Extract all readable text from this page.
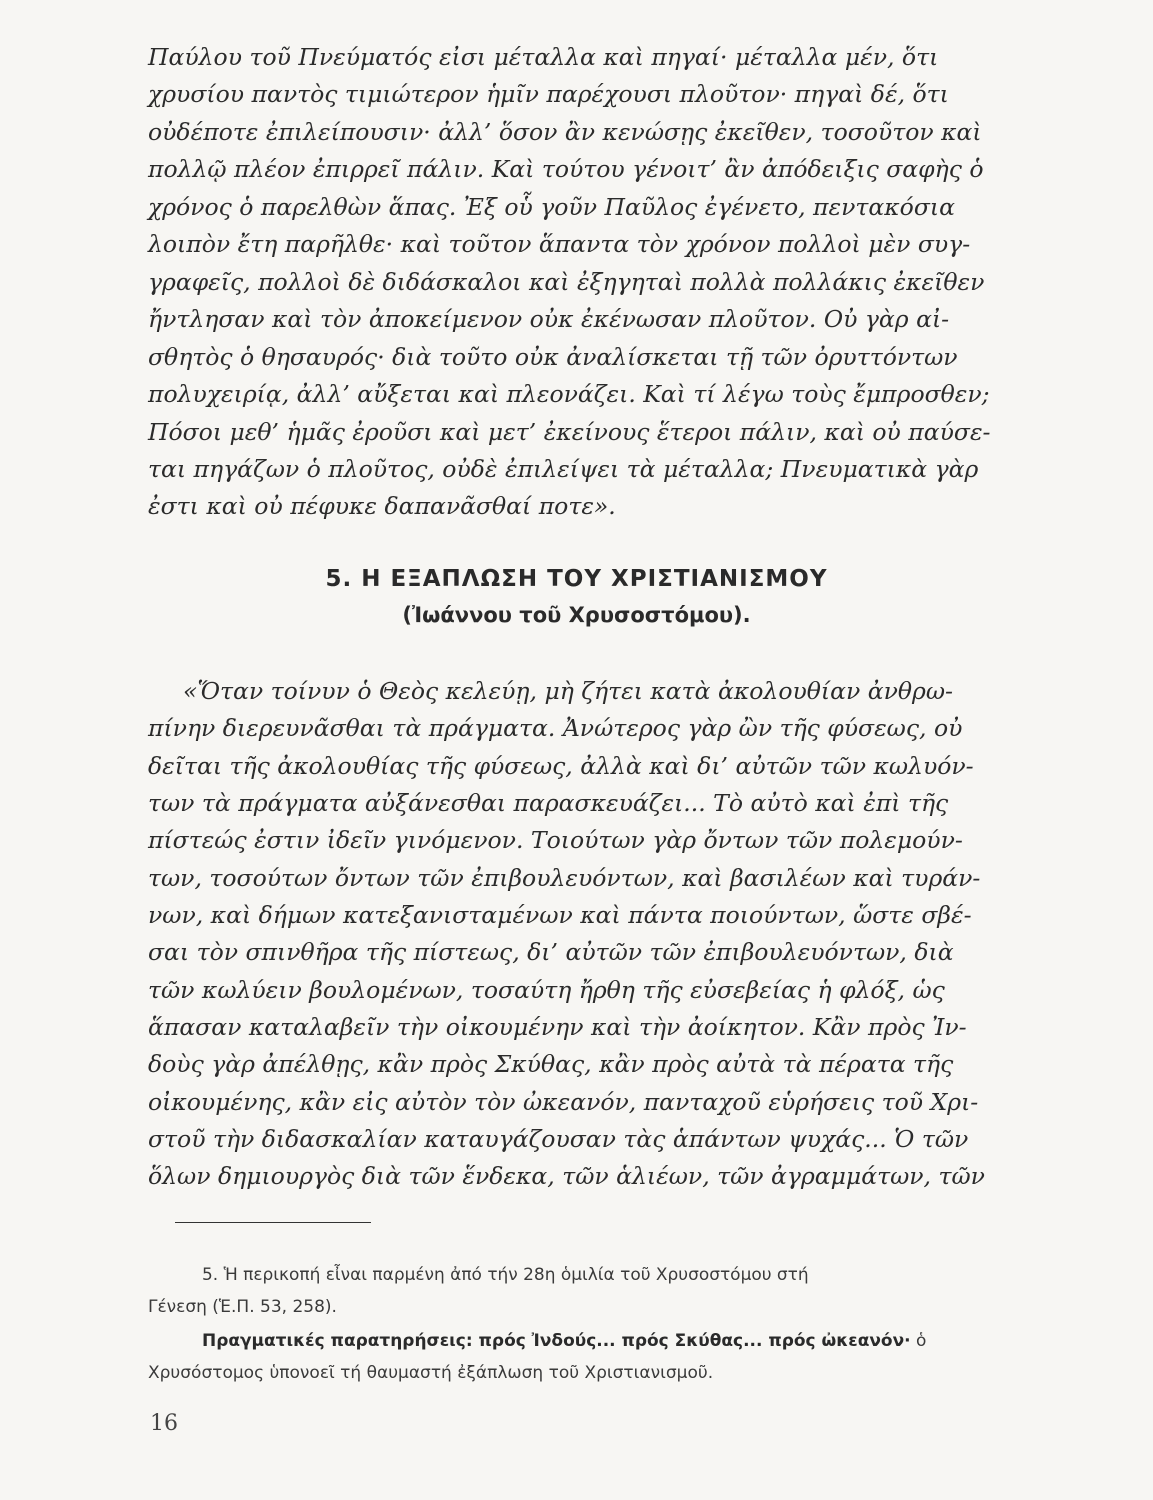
Παύλου τοῦ Πνεύματός εἰσι μέταλλα καὶ πηγαί· μέταλλα μέν, ὅτι
χρυσίου παντὸς τιμιώτερον ἡμῖν παρέχουσι πλοῦτον· πηγαὶ δέ, ὅτι
οὐδέποτε ἐπιλείπουσιν· ἀλλ’ ὅσον ἂν κενώσῃς ἐκεῖθεν, τοσοῦτον καὶ
πολλῷ πλέον ἐπιρρεῖ πάλιν. Καὶ τούτου γένοιτ’ ἂν ἀπόδειξις σαφὴς ὁ
χρόνος ὁ παρελθὼν ἅπας. Ἐξ οὗ γοῦν Παῦλος ἐγένετο, πεντακόσια
λοιπὸν ἔτη παρῆλθε· καὶ τοῦτον ἅπαντα τὸν χρόνον πολλοὶ μὲν συγ-
γραφεῖς, πολλοὶ δὲ διδάσκαλοι καὶ ἐξηγηταὶ πολλὰ πολλάκις ἐκεῖθεν
ἤντλησαν καὶ τὸν ἀποκείμενον οὐκ ἐκένωσαν πλοῦτον. Οὐ γὰρ αἰ-
σθητὸς ὁ θησαυρός· διὰ τοῦτο οὐκ ἀναλίσκεται τῇ τῶν ὀρυττόντων
πολυχειρίᾳ, ἀλλ’ αὔξεται καὶ πλεονάζει. Καὶ τί λέγω τοὺς ἔμπροσθεν;
Πόσοι μεθ’ ἡμᾶς ἐροῦσι καὶ μετ’ ἐκείνους ἕτεροι πάλιν, καὶ οὐ παύσε-
ται πηγάζων ὁ πλοῦτος, οὐδὲ ἐπιλείψει τὰ μέταλλα; Πνευματικὰ γὰρ
ἐστι καὶ οὐ πέφυκε δαπανᾶσθαί ποτε».
5. Η ΕΞΑΠΛΩΣΗ ΤΟΥ ΧΡΙΣΤΙΑΝΙΣΜΟΥ
(Ἰωάννου τοῦ Χρυσοστόμου).
«Ὅταν τοίνυν ὁ Θεὸς κελεύῃ, μὴ ζήτει κατὰ ἀκολουθίαν ἀνθρω-
πίνην διερευνᾶσθαι τὰ πράγματα. Ἀνώτερος γὰρ ὢν τῆς φύσεως, οὐ
δεῖται τῆς ἀκολουθίας τῆς φύσεως, ἀλλὰ καὶ δι’ αὐτῶν τῶν κωλυόν-
των τὰ πράγματα αὐξάνεσθαι παρασκευάζει... Τὸ αὐτὸ καὶ ἐπὶ τῆς
πίστεώς ἐστιν ἰδεῖν γινόμενον. Τοιούτων γὰρ ὄντων τῶν πολεμούν-
των, τοσούτων ὄντων τῶν ἐπιβουλευόντων, καὶ βασιλέων καὶ τυράν-
νων, καὶ δήμων κατεξανισταμένων καὶ πάντα ποιούντων, ὥστε σβέ-
σαι τὸν σπινθῆρα τῆς πίστεως, δι’ αὐτῶν τῶν ἐπιβουλευόντων, διὰ
τῶν κωλύειν βουλομένων, τοσαύτη ἤρθη τῆς εὐσεβείας ἡ φλόξ, ὡς
ἅπασαν καταλαβεῖν τὴν οἰκουμένην καὶ τὴν ἀοίκητον. Κἂν πρὸς Ἰν-
δοὺς γὰρ ἀπέλθῃς, κἂν πρὸς Σκύθας, κἂν πρὸς αὐτὰ τὰ πέρατα τῆς
οἰκουμένης, κἂν εἰς αὐτὸν τὸν ὠκεανόν, πανταχοῦ εὑρήσεις τοῦ Χρι-
στοῦ τὴν διδασκαλίαν καταυγάζουσαν τὰς ἁπάντων ψυχάς... Ὁ τῶν
ὅλων δημιουργὸς διὰ τῶν ἕνδεκα, τῶν ἁλιέων, τῶν ἀγραμμάτων, τῶν
5. Ἡ περικοπή εἶναι παρμένη ἀπό τήν 28η ὁμιλία τοῦ Χρυσοστόμου στή
Γένεση (Ἑ.Π. 53, 258).
Πραγματικές παρατηρήσεις: πρός Ἰνδούς... πρός Σκύθας... πρός ὠκεανόν· ὁ
Χρυσόστομος ὑπονοεῖ τή θαυμαστή ἐξάπλωση τοῦ Χριστιανισμοῦ.
16
